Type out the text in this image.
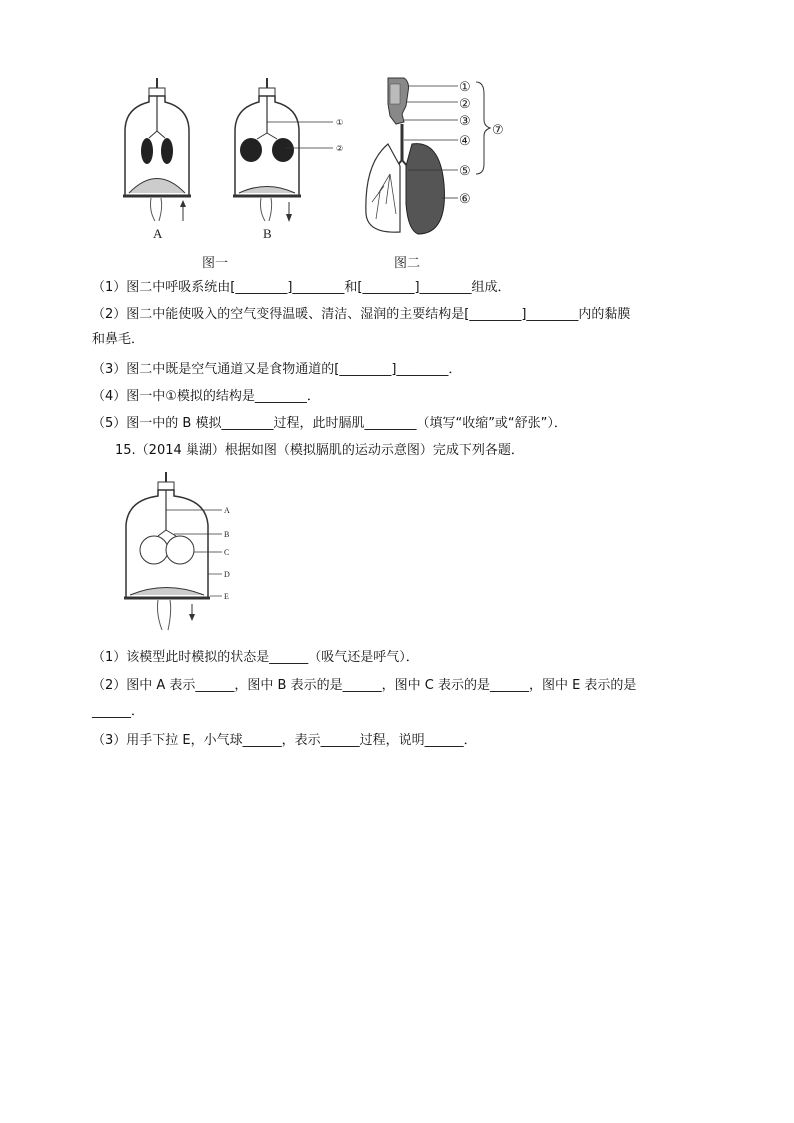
①
②
A	B
图一
①
②
③
④
⑤
⑥
⑦
图二
（1）图二中呼吸系统由[________]________和[________]________组成．
（2）图二中能使吸入的空气变得温暖、清洁、湿润的主要结构是[________]________内的黏膜
和鼻毛．
（3）图二中既是空气通道又是食物通道的[________]________．
（4）图一中①模拟的结构是________．
（5）图一中的 B 模拟________过程，此时膈肌________（填写“收缩”或“舒张”）．
15.（2014 巢湖）根据如图（模拟膈肌的运动示意图）完成下列各题．
A
B
C
D
E
（1）该模型此时模拟的状态是______（吸气还是呼气）．
（2）图中 A 表示______，图中 B 表示的是______，图中 C 表示的是______，图中 E 表示的是
______．
（3）用手下拉 E，小气球______，表示______过程，说明______．
